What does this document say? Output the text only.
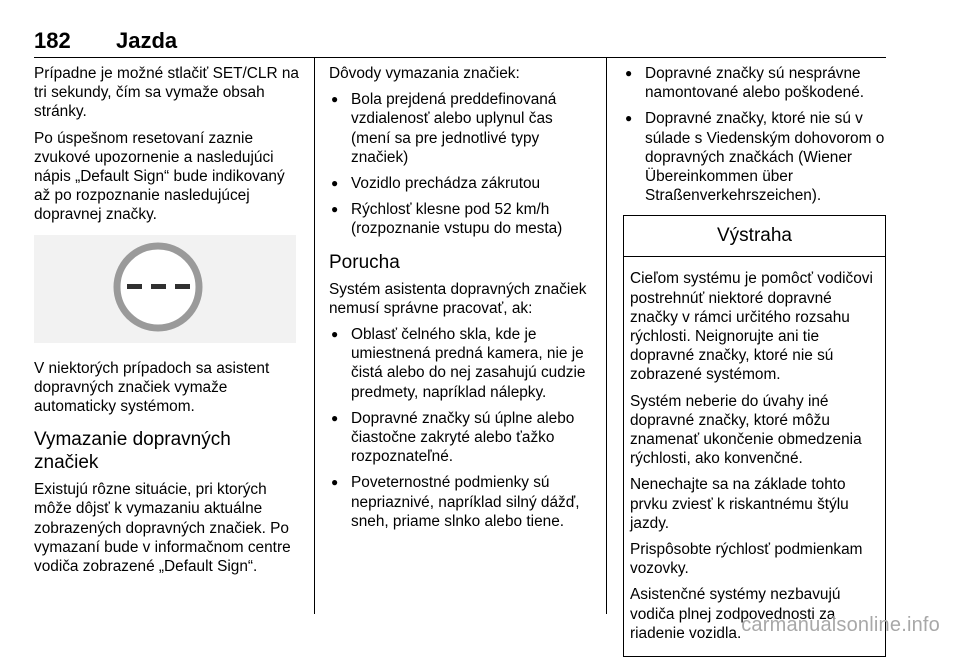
182 Jazda

Prípadne je možné stlačiť SET/CLR na tri sekundy, čím sa vymaže obsah stránky.

Po úspešnom resetovaní zaznie zvukové upozornenie a nasledujúci nápis „Default Sign“ bude indikovaný až po rozpoznanie nasledujúcej dopravnej značky.

V niektorých prípadoch sa asistent dopravných značiek vymaže automaticky systémom.

Vymazanie dopravných značiek

Existujú rôzne situácie, pri ktorých môže dôjsť k vymazaniu aktuálne zobrazených dopravných značiek. Po vymazaní bude v informačnom centre vodiča zobrazené „Default Sign“.

Dôvody vymazania značiek:

● Bola prejdená preddefinovaná vzdialenosť alebo uplynul čas (mení sa pre jednotlivé typy značiek)
● Vozidlo prechádza zákrutou
● Rýchlosť klesne pod 52 km/h (rozpoznanie vstupu do mesta)
Porucha

Systém asistenta dopravných značiek nemusí správne pracovať, ak:

● Oblasť čelného skla, kde je umiestnená predná kamera, nie je čistá alebo do nej zasahujú cudzie predmety, napríklad nálepky.
● Dopravné značky sú úplne alebo čiastočne zakryté alebo ťažko rozpoznateľné.
● Poveternostné podmienky sú nepriaznivé, napríklad silný dážď, sneh, priame slnko alebo tiene.
● Dopravné značky sú nesprávne namontované alebo poškodené.
● Dopravné značky, ktoré nie sú v súlade s Viedenským dohovorom o dopravných značkách (Wiener Übereinkommen über Straßenverkehrszeichen).
Výstraha

Cieľom systému je pomôcť vodičovi postrehnúť niektoré dopravné značky v rámci určitého rozsahu rýchlosti. Neignorujte ani tie dopravné značky, ktoré nie sú zobrazené systémom.

Systém neberie do úvahy iné dopravné značky, ktoré môžu znamenať ukončenie obmedzenia rýchlosti, ako konvenčné.

Nenechajte sa na základe tohto prvku zviesť k riskantnému štýlu jazdy.

Prispôsobte rýchlosť podmienkam vozovky.

Asistenčné systémy nezbavujú vodiča plnej zodpovednosti za riadenie vozidla. carmanualsonline.info
